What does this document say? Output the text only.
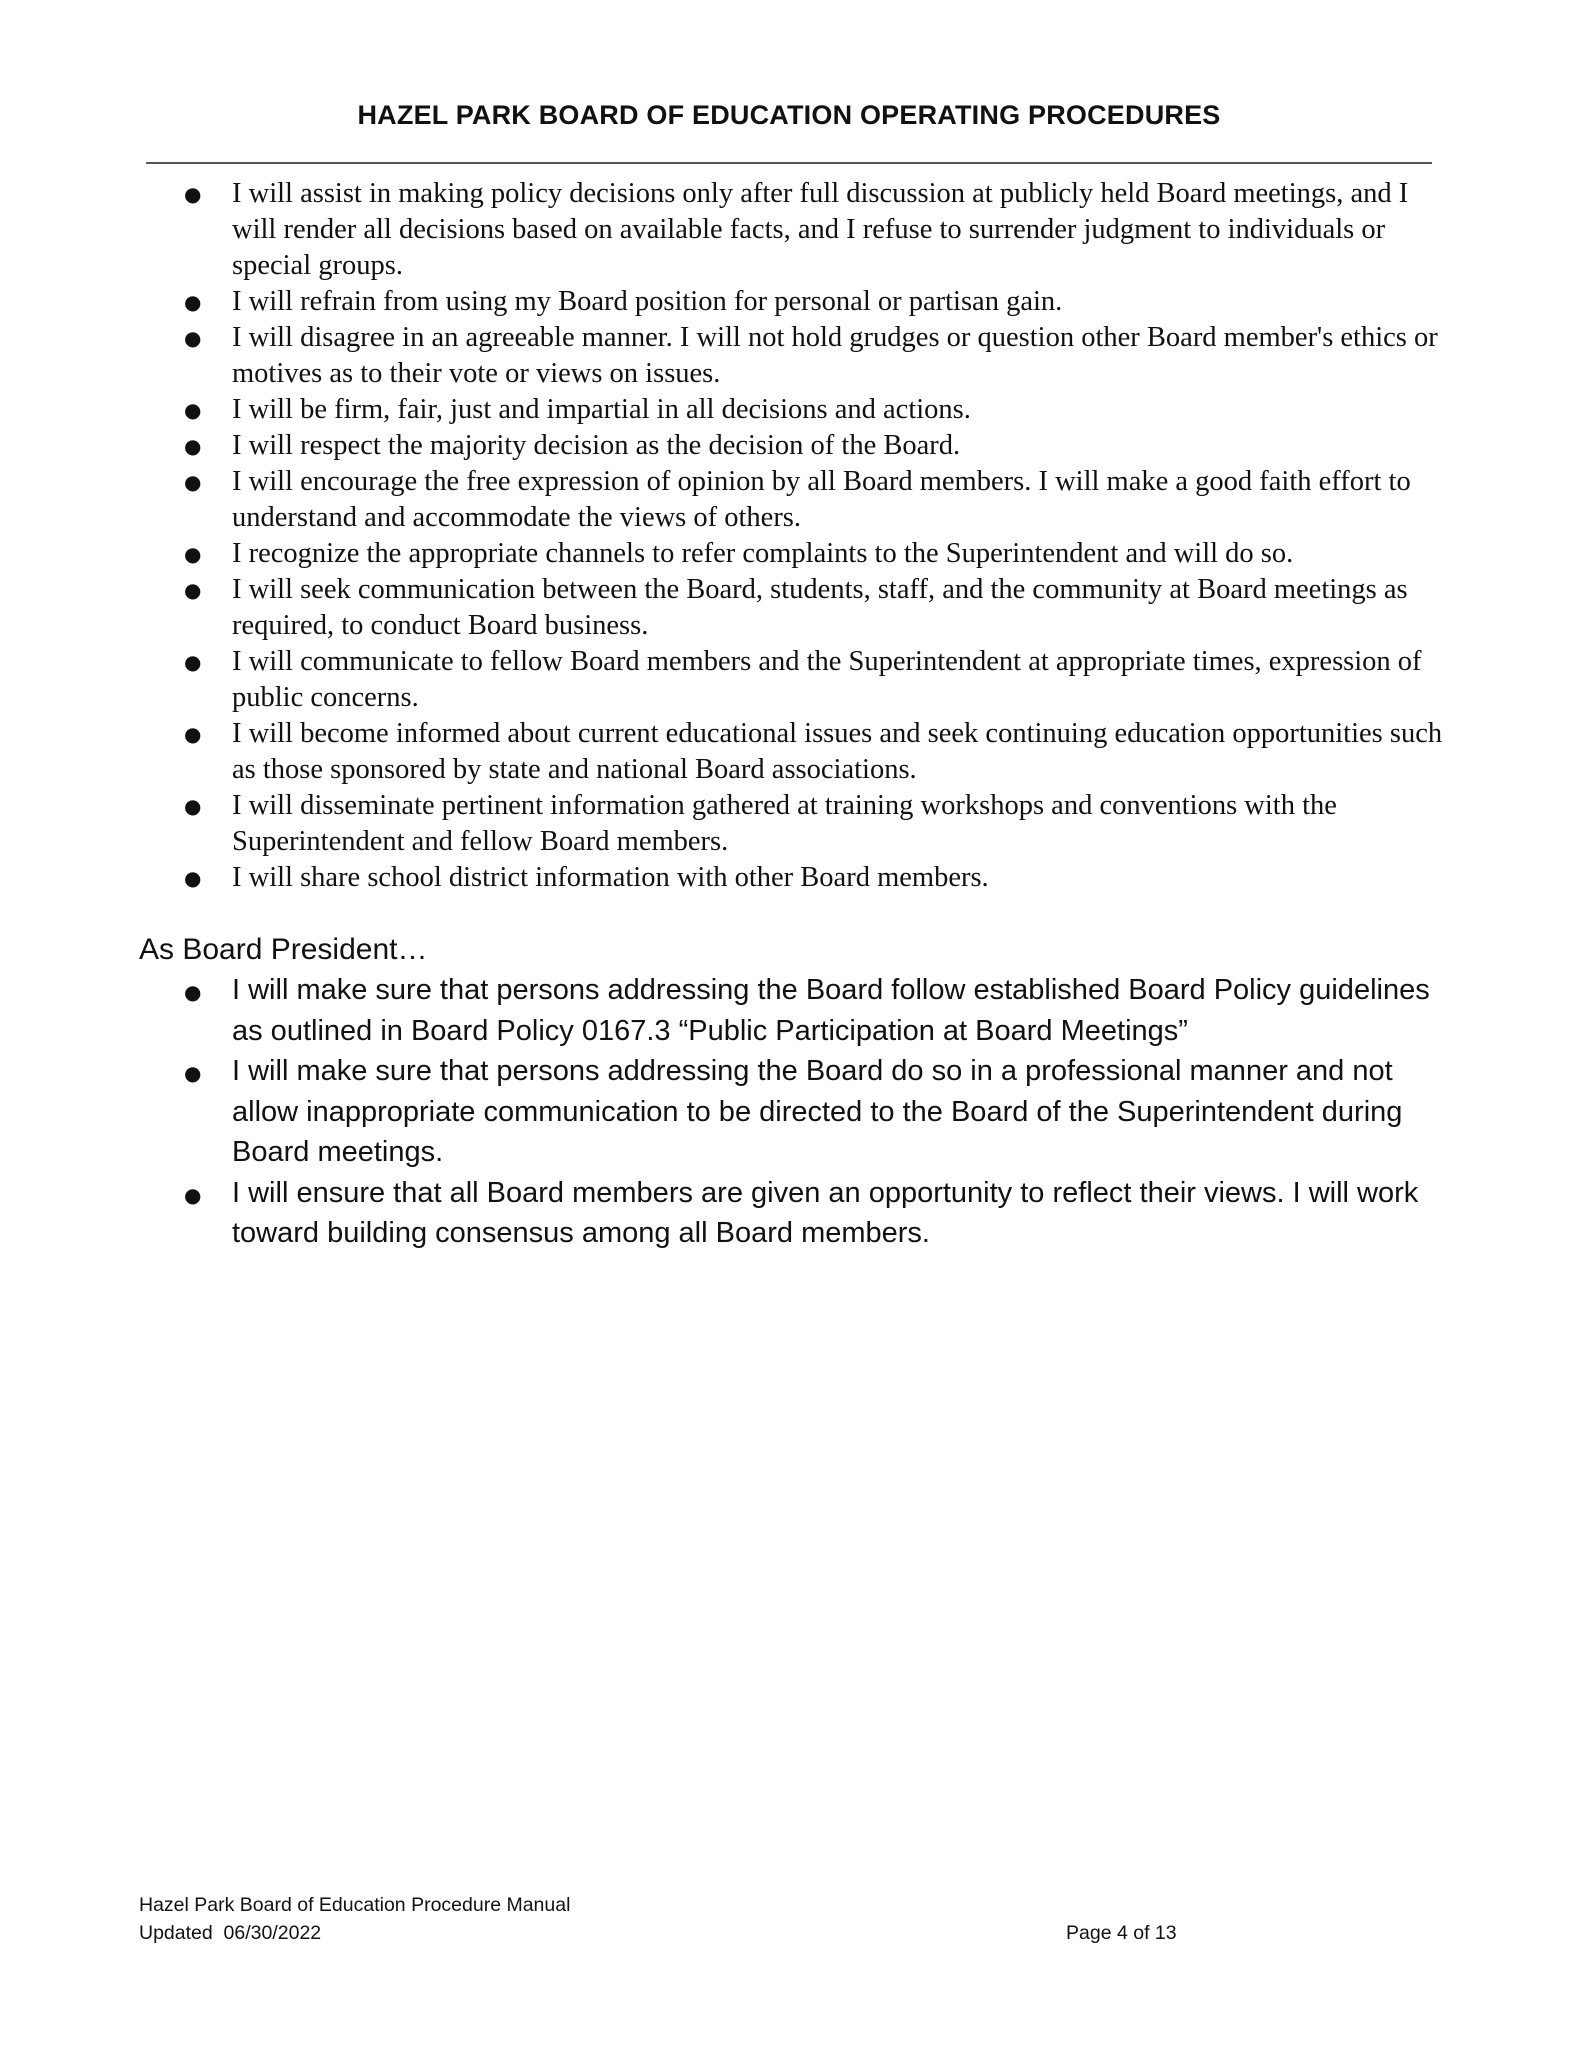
HAZEL PARK BOARD OF EDUCATION OPERATING PROCEDURES
● I will assist in making policy decisions only after full discussion at publicly held Board meetings, and I will render all decisions based on available facts, and I refuse to surrender judgment to individuals or special groups.
● I will refrain from using my Board position for personal or partisan gain.
● I will disagree in an agreeable manner. I will not hold grudges or question other Board member's ethics or motives as to their vote or views on issues.
● I will be firm, fair, just and impartial in all decisions and actions.
● I will respect the majority decision as the decision of the Board.
● I will encourage the free expression of opinion by all Board members. I will make a good faith effort to understand and accommodate the views of others.
● I recognize the appropriate channels to refer complaints to the Superintendent and will do so.
● I will seek communication between the Board, students, staff, and the community at Board meetings as required, to conduct Board business.
● I will communicate to fellow Board members and the Superintendent at appropriate times, expression of public concerns.
● I will become informed about current educational issues and seek continuing education opportunities such as those sponsored by state and national Board associations.
● I will disseminate pertinent information gathered at training workshops and conventions with the Superintendent and fellow Board members.
● I will share school district information with other Board members.
As Board President…
● I will make sure that persons addressing the Board follow established Board Policy guidelines as outlined in Board Policy 0167.3 “Public Participation at Board Meetings”
● I will make sure that persons addressing the Board do so in a professional manner and not allow inappropriate communication to be directed to the Board of the Superintendent during Board meetings.
● I will ensure that all Board members are given an opportunity to reflect their views. I will work toward building consensus among all Board members.
Hazel Park Board of Education Procedure Manual
Updated  06/30/2022	Page 4 of 13
